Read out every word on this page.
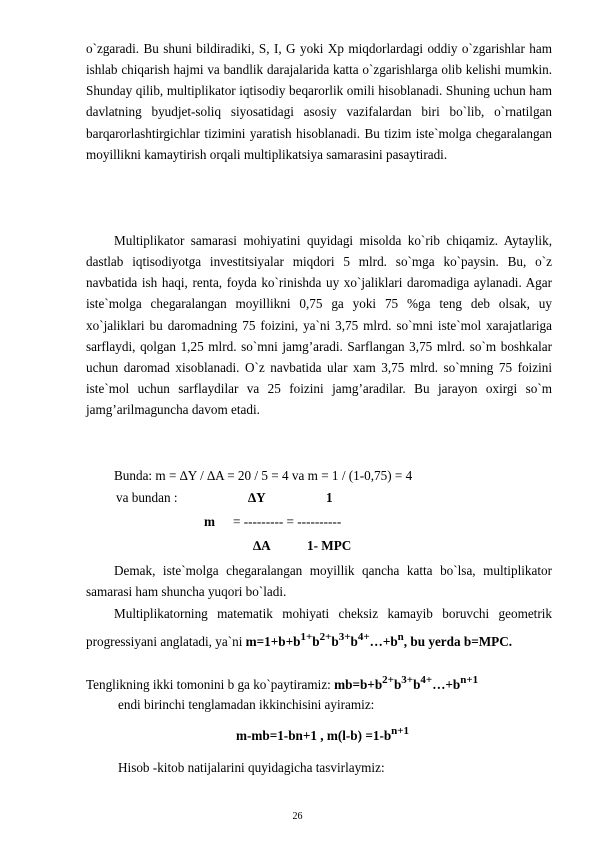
o`zgaradi. Bu shuni bildiradiki, S, I, G yoki Xp miqdorlardagi oddiy o`zgarishlar ham ishlab chiqarish hajmi va bandlik darajalarida katta o`zgarishlarga olib kelishi mumkin. Shunday qilib, multiplikator iqtisodiy beqarorlik omili hisoblanadi. Shuning uchun ham davlatning byudjet-soliq siyosatidagi asosiy vazifalardan biri bo`lib, o`rnatilgan barqarorlashtirgichlar tizimini yaratish hisoblanadi. Bu tizim iste`molga chegaralangan moyillikni kamaytirish orqali multiplikatsiya samarasini pasaytiradi.

Multiplikator samarasi mohiyatini quyidagi misolda ko`rib chiqamiz. Aytaylik, dastlab iqtisodiyotga investitsiyalar miqdori 5 mlrd. so`mga ko`paysin. Bu, o`z navbatida ish haqi, renta, foyda ko`rinishda uy xo`jaliklari daromadiga aylanadi. Agar iste`molga chegaralangan moyillikni 0,75 ga yoki 75 %ga teng deb olsak, uy xo`jaliklari bu daromadning 75 foizini, ya`ni 3,75 mlrd. so`mni iste`mol xarajatlariga sarflaydi, qolgan 1,25 mlrd. so`mni jamg’aradi. Sarflangan 3,75 mlrd. so`m boshkalar uchun daromad xisoblanadi. O`z navbatida ular xam 3,75 mlrd. so`mning 75 foizini iste`mol uchun sarflaydilar va 25 foizini jamg’aradilar. Bu jarayon oxirgi so`m jamg’arilmaguncha davom etadi.

Bunda: m = ∆Y / ∆A = 20 / 5 = 4 va m = 1 / (1-0,75) = 4
va bundan :	∆Y	1
m = --------- = ----------
∆A	1- MPC

Demak, iste`molga chegaralangan moyillik qancha katta bo`lsa, multiplikator samarasi ham shuncha yuqori bo`ladi.

Multiplikatorning matematik mohiyati cheksiz kamayib boruvchi geometrik progressiyani anglatadi, ya`ni $m=1+b+b^{1+}b^{2+}b^{3+}b^{4+}\dots+b^n$, bu yerda b=MPC.

Tenglikning ikki tomonini b ga ko`paytiramiz: $mb=b+b^{2+}b^{3+}b^{4+}\dots+b^{n+1}$
endi birinchi tenglamadan ikkinchisini ayiramiz:
m-mb=1-bn+1 , $m(l-b) =1-b^{n+1}$
Hisob -kitob natijalarini quyidagicha tasvirlaymiz:
26
